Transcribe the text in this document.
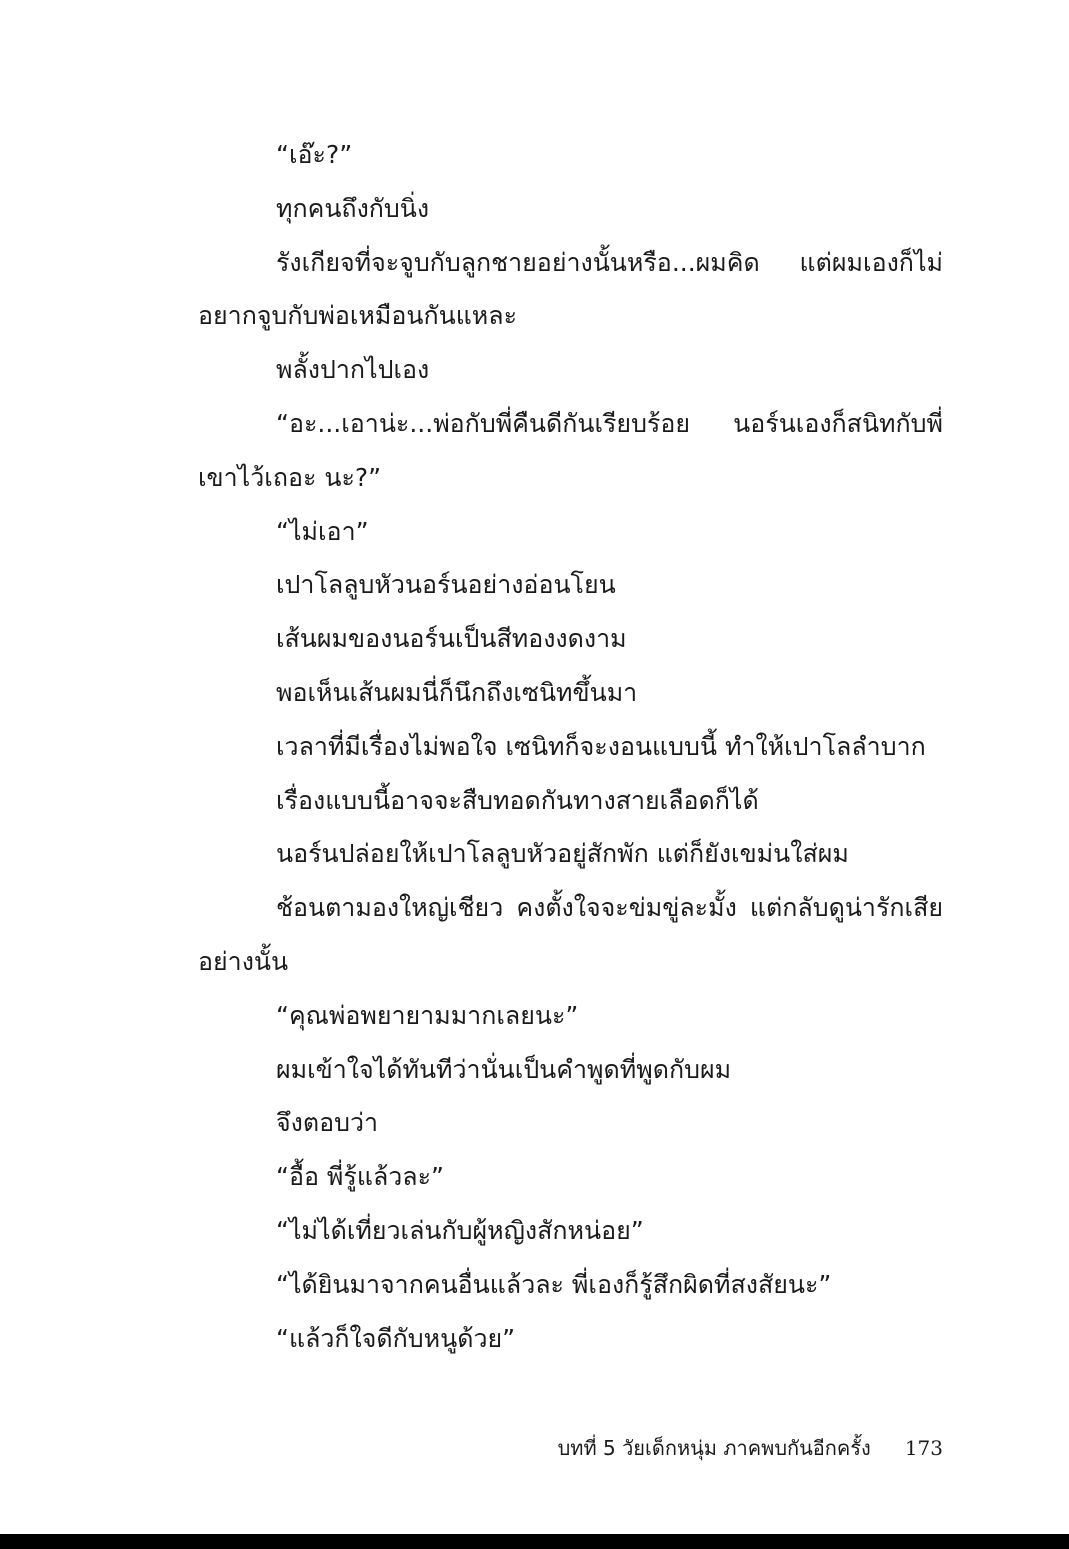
“เอ๊ะ?”

ทุกคนถึงกับนิ่ง

รังเกียจที่จะจูบกับลูกชายอย่างนั้นหรือ...ผมคิด แต่ผมเองก็ไม่อยากจูบกับพ่อเหมือนกันแหละ

พลั้งปากไปเอง

“อะ...เอาน่ะ...พ่อกับพี่คืนดีกันเรียบร้อย นอร์นเองก็สนิทกับพี่เขาไว้เถอะ นะ?”

“ไม่เอา”

เปาโลลูบหัวนอร์นอย่างอ่อนโยน

เส้นผมของนอร์นเป็นสีทองงดงาม

พอเห็นเส้นผมนี่ก็นึกถึงเซนิทขึ้นมา

เวลาที่มีเรื่องไม่พอใจ เซนิทก็จะงอนแบบนี้ ทำให้เปาโลลำบาก

เรื่องแบบนี้อาจจะสืบทอดกันทางสายเลือดก็ได้

นอร์นปล่อยให้เปาโลลูบหัวอยู่สักพัก แต่ก็ยังเขม่นใส่ผม

ช้อนตามองใหญ่เชียว คงตั้งใจจะข่มขู่ละมั้ง แต่กลับดูน่ารักเสียอย่างนั้น

“คุณพ่อพยายามมากเลยนะ”

ผมเข้าใจได้ทันทีว่านั่นเป็นคำพูดที่พูดกับผม

จึงตอบว่า

“อื้อ พี่รู้แล้วละ”

“ไม่ได้เที่ยวเล่นกับผู้หญิงสักหน่อย”

“ได้ยินมาจากคนอื่นแล้วละ พี่เองก็รู้สึกผิดที่สงสัยนะ”

“แล้วก็ใจดีกับหนูด้วย”

บทที่ 5 วัยเด็กหนุ่ม ภาคพบกันอีกครั้ง 173
